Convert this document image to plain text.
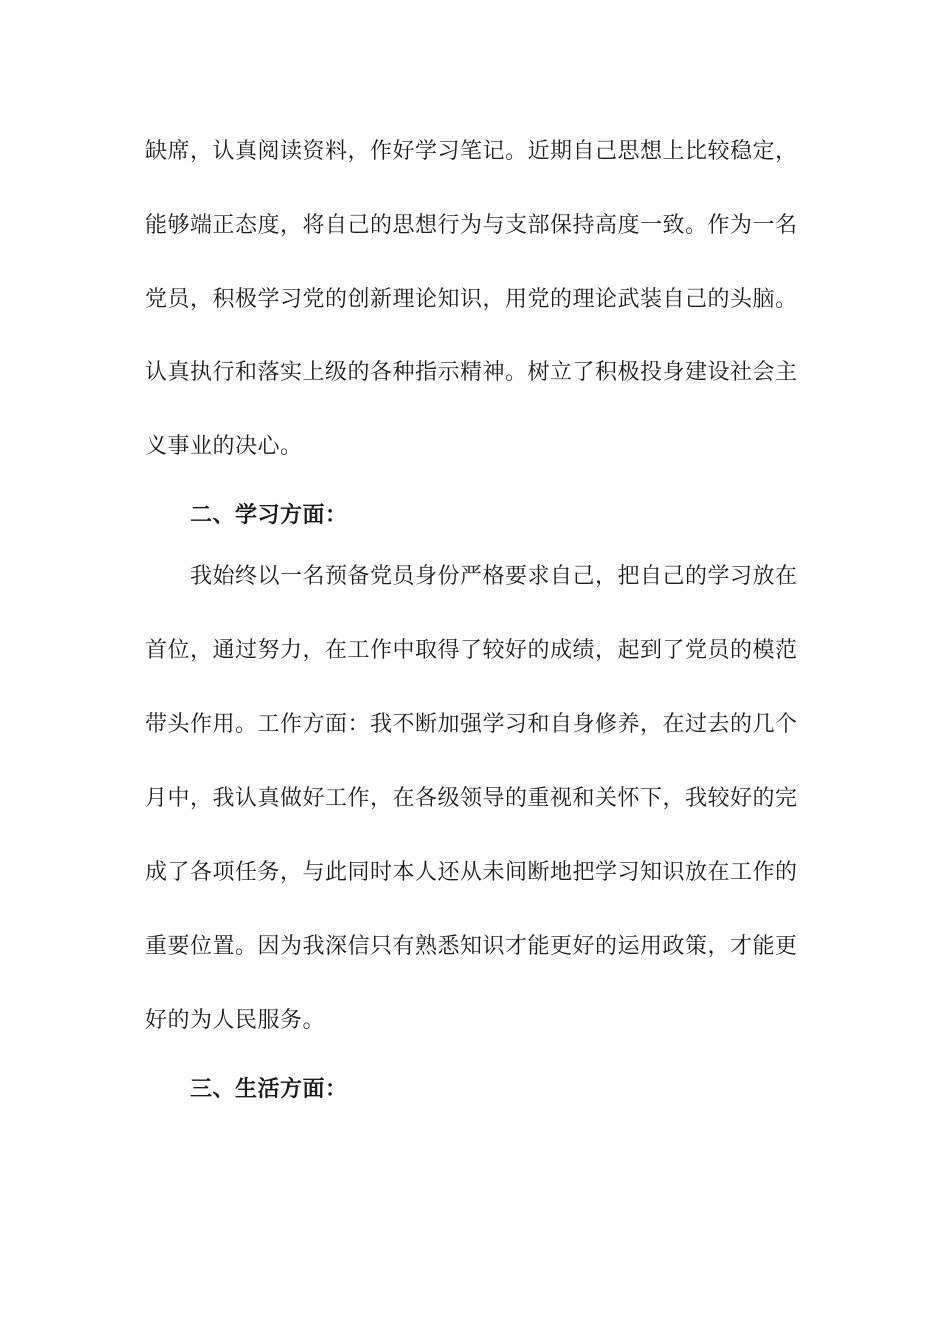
缺席，认真阅读资料，作好学习笔记。近期自己思想上比较稳定，
能够端正态度，将自己的思想行为与支部保持高度一致。作为一名
党员，积极学习党的创新理论知识，用党的理论武装自己的头脑。
认真执行和落实上级的各种指示精神。树立了积极投身建设社会主
义事业的决心。
二、学习方面：
我始终以一名预备党员身份严格要求自己，把自己的学习放在
首位，通过努力，在工作中取得了较好的成绩，起到了党员的模范
带头作用。工作方面：我不断加强学习和自身修养，在过去的几个
月中，我认真做好工作，在各级领导的重视和关怀下，我较好的完
成了各项任务，与此同时本人还从未间断地把学习知识放在工作的
重要位置。因为我深信只有熟悉知识才能更好的运用政策，才能更
好的为人民服务。
三、生活方面：
